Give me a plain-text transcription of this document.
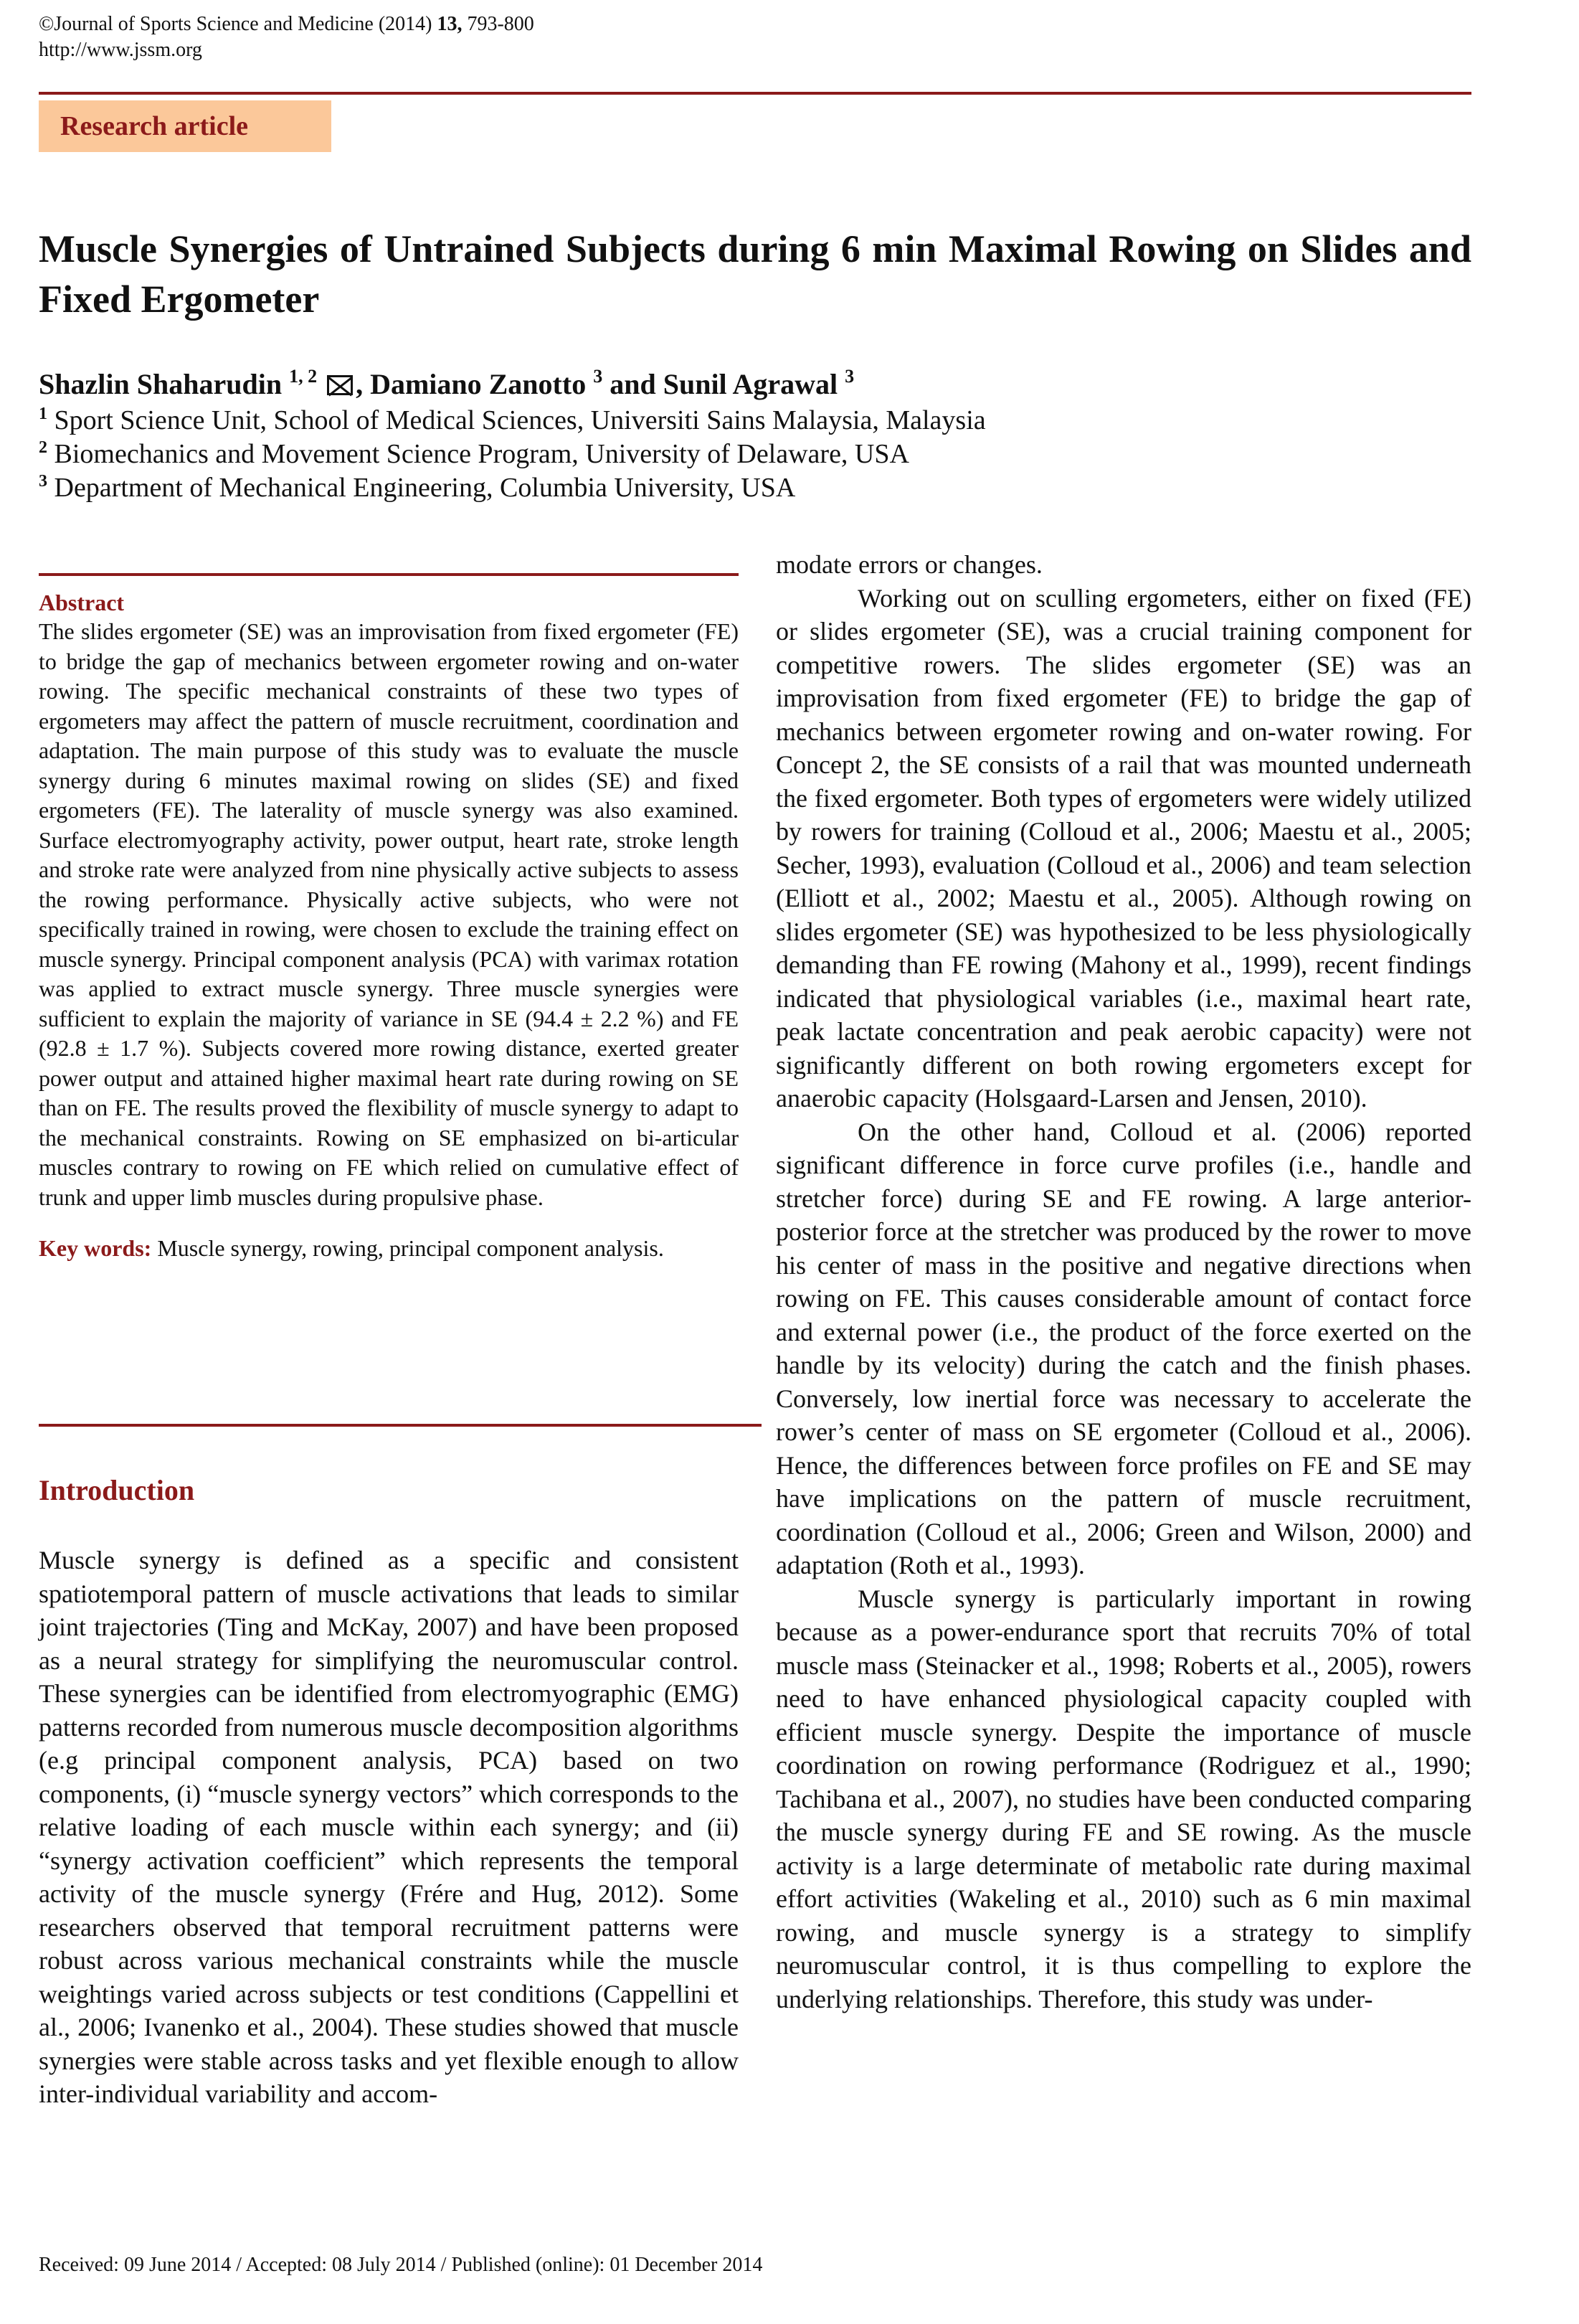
©Journal of Sports Science and Medicine (2014) 13, 793-800
http://www.jssm.org
Research article
Muscle Synergies of Untrained Subjects during 6 min Maximal Rowing on Slides and Fixed Ergometer
Shazlin Shaharudin $^{1, 2}$ , Damiano Zanotto $^3$ and Sunil Agrawal $^3$
$^1$ Sport Science Unit, School of Medical Sciences, Universiti Sains Malaysia, Malaysia
$^2$ Biomechanics and Movement Science Program, University of Delaware, USA
$^3$ Department of Mechanical Engineering, Columbia University, USA
Abstract

The slides ergometer (SE) was an improvisation from fixed ergometer (FE) to bridge the gap of mechanics between ergometer rowing and on-water rowing. The specific mechanical constraints of these two types of ergometers may affect the pattern of muscle recruitment, coordination and adaptation. The main purpose of this study was to evaluate the muscle synergy during 6 minutes maximal rowing on slides (SE) and fixed ergometers (FE). The laterality of muscle synergy was also examined. Surface electromyography activity, power output, heart rate, stroke length and stroke rate were analyzed from nine physically active subjects to assess the rowing performance. Physically active subjects, who were not specifically trained in rowing, were chosen to exclude the training effect on muscle synergy. Principal component analysis (PCA) with varimax rotation was applied to extract muscle synergy. Three muscle synergies were sufficient to explain the majority of variance in SE (94.4 ± 2.2 %) and FE (92.8 ± 1.7 %). Subjects covered more rowing distance, exerted greater power output and attained higher maximal heart rate during rowing on SE than on FE. The results proved the flexibility of muscle synergy to adapt to the mechanical constraints. Rowing on SE emphasized on bi-articular muscles contrary to rowing on FE which relied on cumulative effect of trunk and upper limb muscles during propulsive phase.

Key words: Muscle synergy, rowing, principal component analysis.

Introduction

Muscle synergy is defined as a specific and consistent spatiotemporal pattern of muscle activations that leads to similar joint trajectories (Ting and McKay, 2007) and have been proposed as a neural strategy for simplifying the neuromuscular control. These synergies can be identified from electromyographic (EMG) patterns recorded from numerous muscle decomposition algorithms (e.g principal component analysis, PCA) based on two components, (i) “muscle synergy vectors” which corresponds to the relative loading of each muscle within each synergy; and (ii) “synergy activation coefficient” which represents the temporal activity of the muscle synergy (Frére and Hug, 2012). Some researchers observed that temporal recruitment patterns were robust across various mechanical constraints while the muscle weightings varied across subjects or test conditions (Cappellini et al., 2006; Ivanenko et al., 2004). These studies showed that muscle synergies were stable across tasks and yet flexible enough to allow inter-individual variability and accom-

modate errors or changes.

Working out on sculling ergometers, either on fixed (FE) or slides ergometer (SE), was a crucial training component for competitive rowers. The slides ergometer (SE) was an improvisation from fixed ergometer (FE) to bridge the gap of mechanics between ergometer rowing and on-water rowing. For Concept 2, the SE consists of a rail that was mounted underneath the fixed ergometer. Both types of ergometers were widely utilized by rowers for training (Colloud et al., 2006; Maestu et al., 2005; Secher, 1993), evaluation (Colloud et al., 2006) and team selection (Elliott et al., 2002; Maestu et al., 2005). Although rowing on slides ergometer (SE) was hypothesized to be less physiologically demanding than FE rowing (Mahony et al., 1999), recent findings indicated that physiological variables (i.e., maximal heart rate, peak lactate concentration and peak aerobic capacity) were not significantly different on both rowing ergometers except for anaerobic capacity (Holsgaard-Larsen and Jensen, 2010).

On the other hand, Colloud et al. (2006) reported significant difference in force curve profiles (i.e., handle and stretcher force) during SE and FE rowing. A large anterior-posterior force at the stretcher was produced by the rower to move his center of mass in the positive and negative directions when rowing on FE. This causes considerable amount of contact force and external power (i.e., the product of the force exerted on the handle by its velocity) during the catch and the finish phases. Conversely, low inertial force was necessary to accelerate the rower’s center of mass on SE ergometer (Colloud et al., 2006). Hence, the differences between force profiles on FE and SE may have implications on the pattern of muscle recruitment, coordination (Colloud et al., 2006; Green and Wilson, 2000) and adaptation (Roth et al., 1993).

Muscle synergy is particularly important in rowing because as a power-endurance sport that recruits 70% of total muscle mass (Steinacker et al., 1998; Roberts et al., 2005), rowers need to have enhanced physiological capacity coupled with efficient muscle synergy. Despite the importance of muscle coordination on rowing performance (Rodriguez et al., 1990; Tachibana et al., 2007), no studies have been conducted comparing the muscle synergy during FE and SE rowing. As the muscle activity is a large determinate of metabolic rate during maximal effort activities (Wakeling et al., 2010) such as 6 min maximal rowing, and muscle synergy is a strategy to simplify neuromuscular control, it is thus compelling to explore the underlying relationships. Therefore, this study was under-

Received: 09 June 2014 / Accepted: 08 July 2014 / Published (online): 01 December 2014
